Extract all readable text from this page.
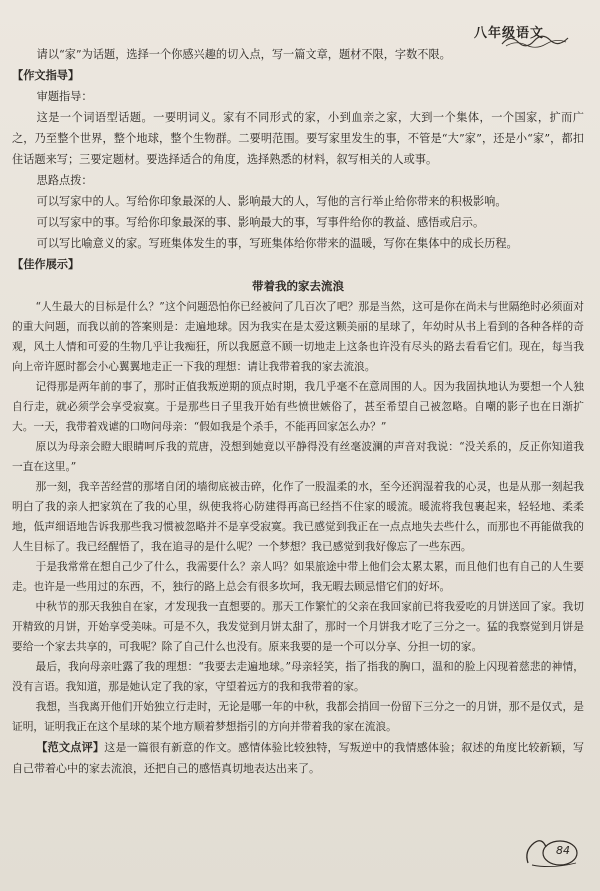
八年级语文

请以“家”为话题，选择一个你感兴趣的切入点，写一篇文章，题材不限，字数不限。

【作文指导】

审题指导：

这是一个词语型话题。一要明词义。家有不同形式的家，小到血亲之家，大到一个集体，一个国家，扩而广之，乃至整个世界，整个地球，整个生物群。二要明范围。要写家里发生的事，不管是“大”家”，还是小“家”，都扣住话题来写；三要定题材。要选择适合的角度，选择熟悉的材料，叙写相关的人或事。

思路点拨：

可以写家中的人。写给你印象最深的人、影响最大的人，写他的言行举止给你带来的积极影响。

可以写家中的事。写给你印象最深的事、影响最大的事，写事件给你的教益、感悟或启示。

可以写比喻意义的家。写班集体发生的事，写班集体给你带来的温暖，写你在集体中的成长历程。

【佳作展示】
带着我的家去流浪

“人生最大的目标是什么？”这个问题恐怕你已经被问了几百次了吧？那是当然，这可是你在尚未与世隔绝时必须面对的重大问题，而我以前的答案则是：走遍地球。因为我实在是太爱这颗美丽的星球了，年幼时从书上看到的各种各样的奇观，风土人情和可爱的生物几乎让我痴狂，所以我愿意不顾一切地走上这条也许没有尽头的路去看看它们。现在，每当我向上帝许愿时都会小心翼翼地走正一下我的理想：请让我带着我的家去流浪。

记得那是两年前的事了，那时正值我叛逆期的顶点时期，我几乎毫不在意周围的人。因为我固执地认为要想一个人独自行走，就必须学会享受寂寞。于是那些日子里我开始有些愤世嫉俗了，甚至希望自己被忽略。自嘲的影子也在日渐扩大。一天，我带着戏谑的口吻问母亲：“假如我是个杀手，不能再回家怎么办？”

原以为母亲会瞪大眼睛呵斥我的荒唐，没想到她竟以平静得没有丝毫波澜的声音对我说：“没关系的，反正你知道我一直在这里。”

那一刻，我辛苦经营的那堵自闭的墙彻底被击碎，化作了一股温柔的水，至今还润湿着我的心灵，也是从那一刻起我明白了我的亲人把家筑在了我的心里，纵使我将心防建得再高已经挡不住家的暖流。暖流将我包裹起来，轻轻地、柔柔地，低声细语地告诉我那些我习惯被忽略并不是享受寂寞。我已感觉到我正在一点点地失去些什么，而那也不再能做我的人生目标了。我已经醒悟了，我在追寻的是什么呢？一个梦想？我已感觉到我好像忘了一些东西。

于是我常常在想自己少了什么，我需要什么？亲人吗？如果旅途中带上他们会太累太累，而且他们也有自己的人生要走。也许是一些用过的东西，不，独行的路上总会有很多坎坷，我无暇去顾忌惜它们的好坏。

中秋节的那天我独自在家，才发现我一直想要的。那天工作繁忙的父亲在我回家前已将我爱吃的月饼送回了家。我切开精致的月饼，开始享受美味。可是不久，我发觉到月饼太甜了，那时一个月饼我才吃了三分之一。猛的我察觉到月饼是要给一个家去共享的，可我呢？除了自己什么也没有。原来我要的是一个可以分享、分担一切的家。

最后，我向母亲吐露了我的理想：“我要去走遍地球。”母亲轻笑，指了指我的胸口，温和的脸上闪现着慈悲的神情，没有言语。我知道，那是她认定了我的家，守望着远方的我和我带着的家。

我想，当我离开他们开始独立行走时，无论是哪一年的中秋，我都会捎回一份留下三分之一的月饼，那不是仅式，是证明，证明我正在这个星球的某个地方顺着梦想指引的方向并带着我的家在流浪。

【范文点评】这是一篇很有新意的作文。感情体验比较独特，写叛逆中的我情感体验；叙述的角度比较新颖，写自己带着心中的家去流浪，还把自己的感悟真切地表达出来了。

84
